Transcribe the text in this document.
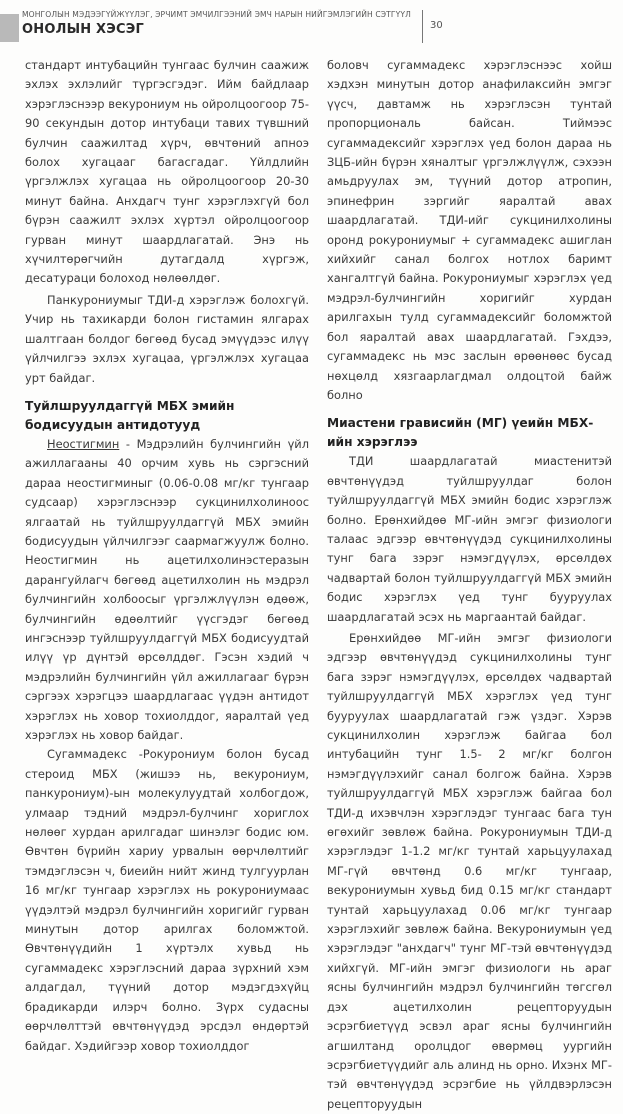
МОНГОЛЫН МЭДЭЭГҮЙЖҮҮЛЭГ, ЭРЧИМТ ЭМЧИЛГЭЭНИЙ ЭМЧ НАРЫН НИЙГЭМЛЭГИЙН СЭТГҮҮЛ
ОНОЛЫН ХЭСЭГ	30

стандарт интубацийн тунгаас булчин саажиж эхлэх эхлэлийг түргэсгэдэг. Ийм байдлаар хэрэглэснээр векурониум нь ойролцоогоор 75-90 секундын дотор интубаци тавих түвшний булчин саажилтад хүрч, өвчтөний апноэ болох хугацааг багасгадаг. Үйлдлийн үргэлжлэх хугацаа нь ойролцоогоор 20-30 минут байна. Анхдагч тунг хэрэглэхгүй бол бүрэн саажилт эхлэх хүртэл ойролцоогоор гурван минут шаардлагатай. Энэ нь хүчилтөрөгчийн дутагдалд хүргэж, десатураци болоход нөлөөлдөг.

Панкурониумыг ТДИ-д хэрэглэж болохгүй. Учир нь тахикарди болон гистамин ялгарах шалтгаан болдог бөгөөд бусад эмүүдээс илүү үйлчилгээ эхлэх хугацаа, үргэлжлэх хугацаа урт байдаг.

Туйлшруулдаггүй МБХ эмийн бодисуудын антидотууд

Неостигмин - Мэдрэлийн булчингийн үйл ажиллагааны 40 орчим хувь нь сэргэсний дараа неостигминыг (0.06-0.08 мг/кг тунгаар судсаар) хэрэглэснээр сукцинилхолиноос ялгаатай нь туйлшруулдаггүй МБХ эмийн бодисуудын үйлчилгээг саармагжуулж болно. Неостигмин нь ацетилхолинэстеразын дарангуйлагч бөгөөд ацетилхолин нь мэдрэл булчингийн холбоосыг үргэлжлүүлэн өдөөж, булчингийн өдөөлтийг үүсгэдэг бөгөөд ингэснээр туйлшруулдаггүй МБХ бодисуудтай илүү үр дүнтэй өрсөлддөг. Гэсэн хэдий ч мэдрэлийн булчингийн үйл ажиллагааг бүрэн сэргээх хэрэгцээ шаардлагаас үүдэн антидот хэрэглэх нь ховор тохиолддог, яаралтай үед хэрэглэх нь ховор байдаг.

Сугаммадекс -Рокурониум болон бусад стероид МБХ (жишээ нь, векурониум, панкурониум)-ын молекулуудтай холбогдож, улмаар тэдний мэдрэл-булчинг хориглох нөлөөг хурдан арилгадаг шинэлэг бодис юм. Өвчтөн бүрийн хариу урвалын өөрчлөлтийг тэмдэглэсэн ч, биеийн нийт жинд тулгуурлан 16 мг/кг тунгаар хэрэглэх нь рокурониумаас үүдэлтэй мэдрэл булчингийн хоригийг гурван минутын дотор арилгах боломжтой. Өвчтөнүүдийн 1 хүртэлх хувьд нь сугаммадекс хэрэглэсний дараа зүрхний хэм алдагдал, түүний дотор мэдэгдэхүйц брадикарди илэрч болно. Зүрх судасны өөрчлөлттэй өвчтөнүүдэд эрсдэл өндөртэй байдаг. Хэдийгээр ховор тохиолддог

боловч сугаммадекс хэрэглэснээс хойш хэдхэн минутын дотор анафилаксийн эмгэг үүсч, давтамж нь хэрэглэсэн тунтай пропорциональ байсан. Тиймээс сугаммадексийг хэрэглэх үед болон дараа нь ЗЦБ-ийн бүрэн хяналтыг үргэлжлүүлж, сэхээн амьдруулах эм, түүний дотор атропин, эпинефрин зэргийг яаралтай авах шаардлагатай. ТДИ-ийг сукцинилхолины оронд рокурониумыг + сугаммадекс ашиглан хийхийг санал болгох нотлох баримт хангалтгүй байна. Рокурониумыг хэрэглэх үед мэдрэл-булчингийн хоригийг хурдан арилгахын тулд сугаммадексийг боломжтой бол яаралтай авах шаардлагатай. Гэхдээ, сугаммадекс нь мэс заслын өрөөнөөс бусад нөхцөлд хязгаарлагдмал олдоцтой байж болно

Миастени грависийн (МГ) үеийн МБХ-ийн хэрэглээ

ТДИ шаардлагатай миастенитэй өвчтөнүүдэд туйлшруулдаг болон туйлшруулдаггүй МБХ эмийн бодис хэрэглэж болно. Ерөнхийдөө МГ-ийн эмгэг физиологи талаас эдгээр өвчтөнүүдэд сукцинилхолины тунг бага зэрэг нэмэгдүүлэх, өрсөлдөх чадвартай болон туйлшруулдаггүй МБХ эмийн бодис хэрэглэх үед тунг бууруулах шаардлагатай эсэх нь маргаантай байдаг.

Ерөнхийдөө МГ-ийн эмгэг физиологи эдгээр өвчтөнүүдэд сукцинилхолины тунг бага зэрэг нэмэгдүүлэх, өрсөлдөх чадвартай туйлшруулдаггүй МБХ хэрэглэх үед тунг бууруулах шаардлагатай гэж үздэг. Хэрэв сукцинилхолин хэрэглэж байгаа бол интубацийн тунг 1.5- 2 мг/кг болгон нэмэгдүүлэхийг санал болгож байна. Хэрэв туйлшруулдаггүй МБХ хэрэглэж байгаа бол ТДИ-д ихэвчлэн хэрэглэдэг тунгаас бага тун өгөхийг зөвлөж байна. Рокурониумын ТДИ-д хэрэглэдэг 1-1.2 мг/кг тунтай харьцуулахад МГ-гүй өвчтөнд 0.6 мг/кг тунгаар, векурониумын хувьд бид 0.15 мг/кг стандарт тунтай харьцуулахад 0.06 мг/кг тунгаар хэрэглэхийг зөвлөж байна. Векурониумын үед хэрэглэдэг "анхдагч" тунг МГ-тэй өвчтөнүүдэд хийхгүй. МГ-ийн эмгэг физиологи нь араг ясны булчингийн мэдрэл булчингийн төгсгөл дэх ацетилхолин рецепторуудын эсрэгбиетүүд эсвэл араг ясны булчингийн агшилтанд оролцдог өвөрмөц уургийн эсрэгбиетүүдийг аль алинд нь орно. Ихэнх МГ-тэй өвчтөнүүдэд эсрэгбие нь үйлдвэрлэсэн рецепторуудын
